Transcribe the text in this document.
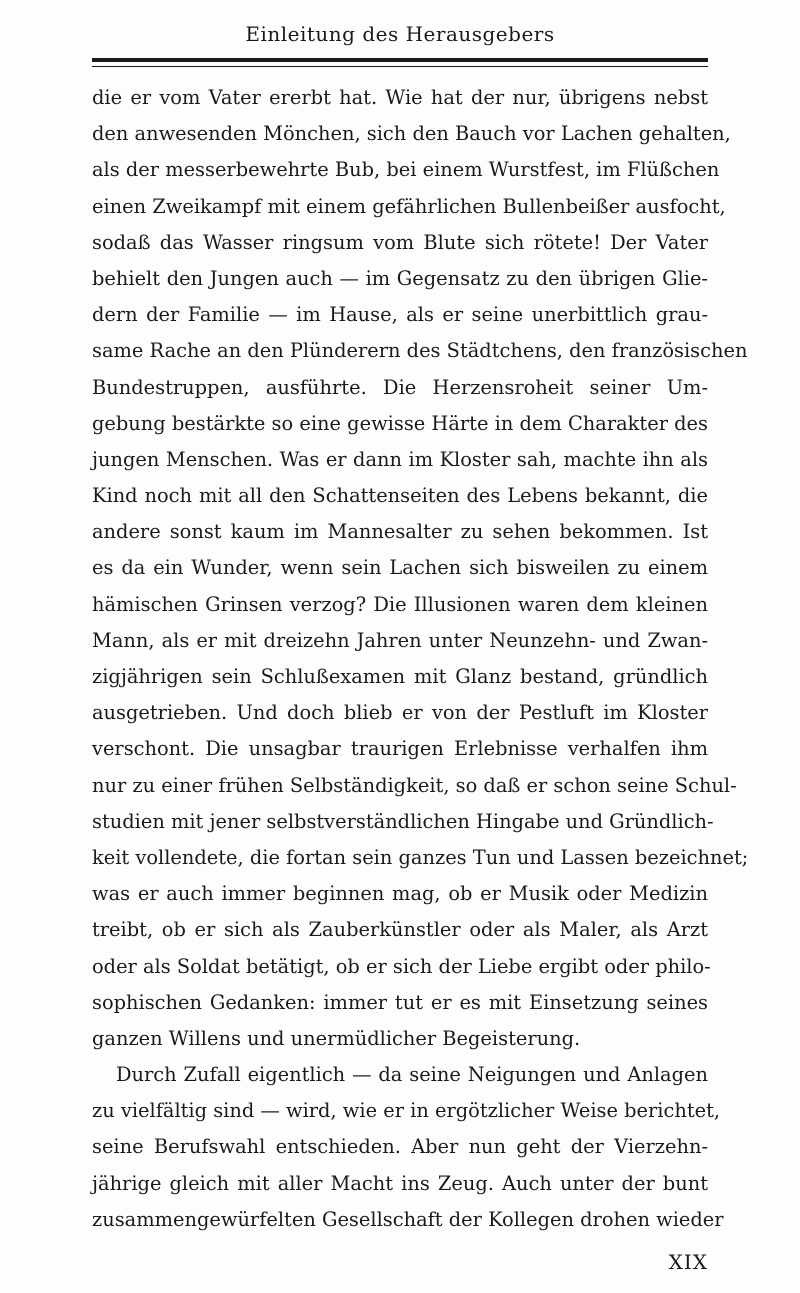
Einleitung des Herausgebers
die er vom Vater ererbt hat. Wie hat der nur, übrigens nebst
den anwesenden Mönchen, sich den Bauch vor Lachen gehalten,
als der messerbewehrte Bub, bei einem Wurstfest, im Flüßchen
einen Zweikampf mit einem gefährlichen Bullenbeißer ausfocht,
sodaß das Wasser ringsum vom Blute sich rötete! Der Vater
behielt den Jungen auch — im Gegensatz zu den übrigen Glie-
dern der Familie — im Hause, als er seine unerbittlich grau-
same Rache an den Plünderern des Städtchens, den französischen
Bundestruppen, ausführte. Die Herzensroheit seiner Um-
gebung bestärkte so eine gewisse Härte in dem Charakter des
jungen Menschen. Was er dann im Kloster sah, machte ihn als
Kind noch mit all den Schattenseiten des Lebens bekannt, die
andere sonst kaum im Mannesalter zu sehen bekommen. Ist
es da ein Wunder, wenn sein Lachen sich bisweilen zu einem
hämischen Grinsen verzog? Die Illusionen waren dem kleinen
Mann, als er mit dreizehn Jahren unter Neunzehn- und Zwan-
zigjährigen sein Schlußexamen mit Glanz bestand, gründlich
ausgetrieben. Und doch blieb er von der Pestluft im Kloster
verschont. Die unsagbar traurigen Erlebnisse verhalfen ihm
nur zu einer frühen Selbständigkeit, so daß er schon seine Schul-
studien mit jener selbstverständlichen Hingabe und Gründlich-
keit vollendete, die fortan sein ganzes Tun und Lassen bezeichnet;
was er auch immer beginnen mag, ob er Musik oder Medizin
treibt, ob er sich als Zauberkünstler oder als Maler, als Arzt
oder als Soldat betätigt, ob er sich der Liebe ergibt oder philo-
sophischen Gedanken: immer tut er es mit Einsetzung seines
ganzen Willens und unermüdlicher Begeisterung.
Durch Zufall eigentlich — da seine Neigungen und Anlagen
zu vielfältig sind — wird, wie er in ergötzlicher Weise berichtet,
seine Berufswahl entschieden. Aber nun geht der Vierzehn-
jährige gleich mit aller Macht ins Zeug. Auch unter der bunt
zusammengewürfelten Gesellschaft der Kollegen drohen wieder
XIX
